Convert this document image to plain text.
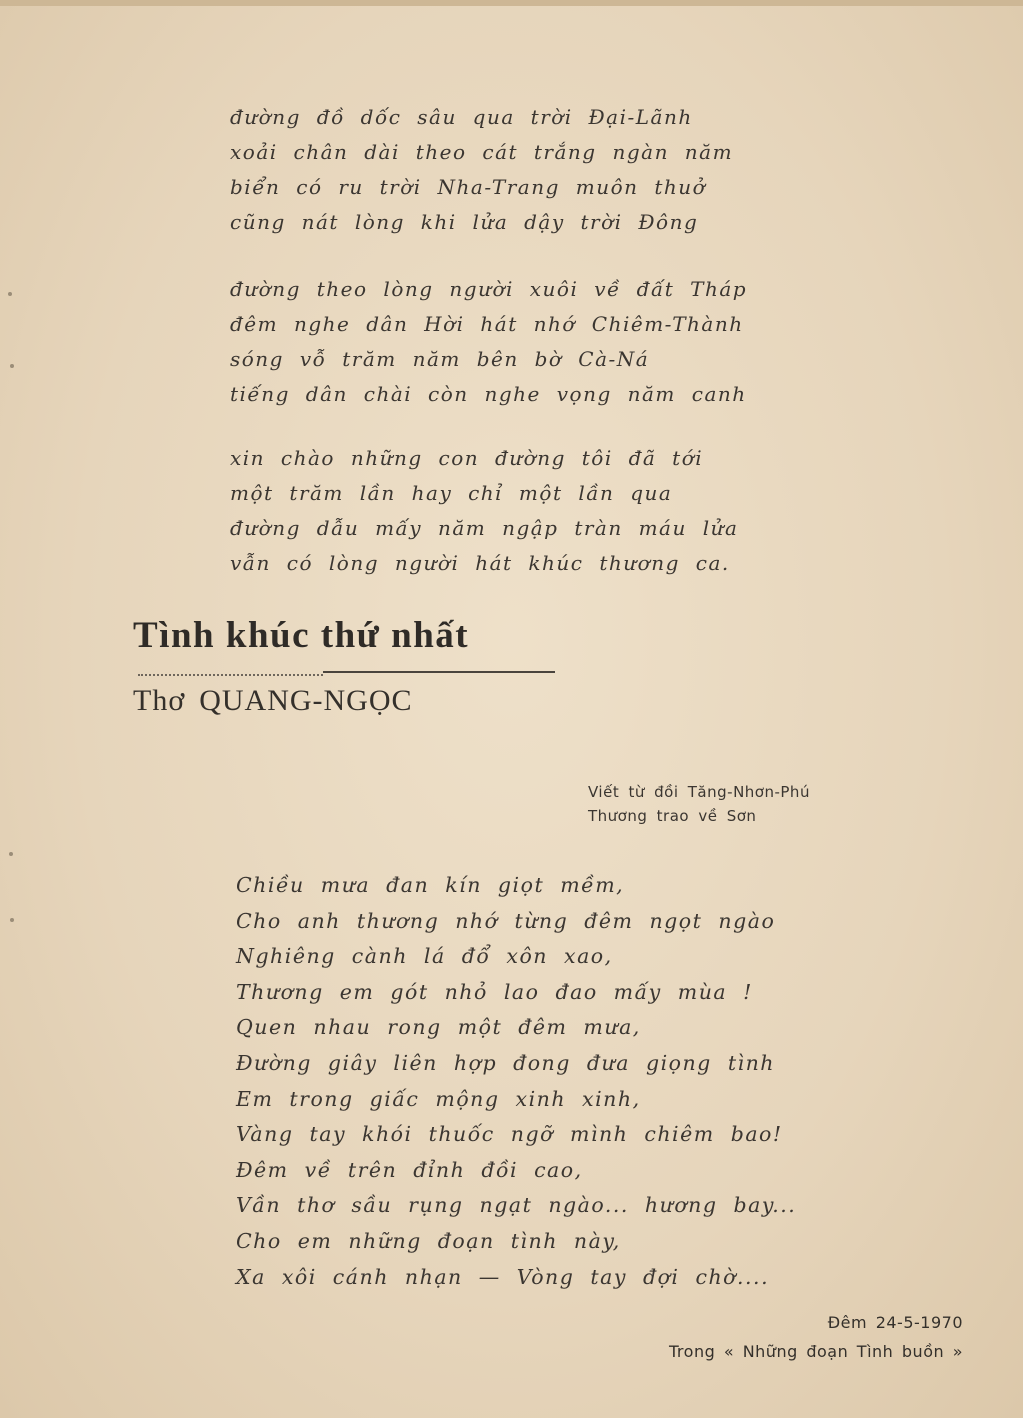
đường đồ dốc sâu qua trời Đại-Lãnh
xoải chân dài theo cát trắng ngàn năm
biển có ru trời Nha-Trang muôn thuở
cũng nát lòng khi lửa dậy trời Đông
đường theo lòng người xuôi về đất Tháp
đêm nghe dân Hời hát nhớ Chiêm-Thành
sóng vỗ trăm năm bên bờ Cà-Ná
tiếng dân chài còn nghe vọng năm canh
xin chào những con đường tôi đã tới
một trăm lần hay chỉ một lần qua
đường dẫu mấy năm ngập tràn máu lửa
vẫn có lòng người hát khúc thương ca.
Tình khúc thứ nhất
Thơ QUANG-NGỌC
Viết từ đồi Tăng-Nhơn-Phú
Thương trao về Sơn
Chiều mưa đan kín giọt mềm,
Cho anh thương nhớ từng đêm ngọt ngào
Nghiêng cành lá đổ xôn xao,
Thương em gót nhỏ lao đao mấy mùa !
Quen nhau rong một đêm mưa,
Đường giây liên hợp đong đưa giọng tình
Em trong giấc mộng xinh xinh,
Vàng tay khói thuốc ngỡ mình chiêm bao!
Đêm về trên đỉnh đồi cao,
Vần thơ sầu rụng ngạt ngào... hương bay...
Cho em những đoạn tình này,
Xa xôi cánh nhạn — Vòng tay đợi chờ....
Đêm 24-5-1970
Trong « Những đoạn Tình buồn »
